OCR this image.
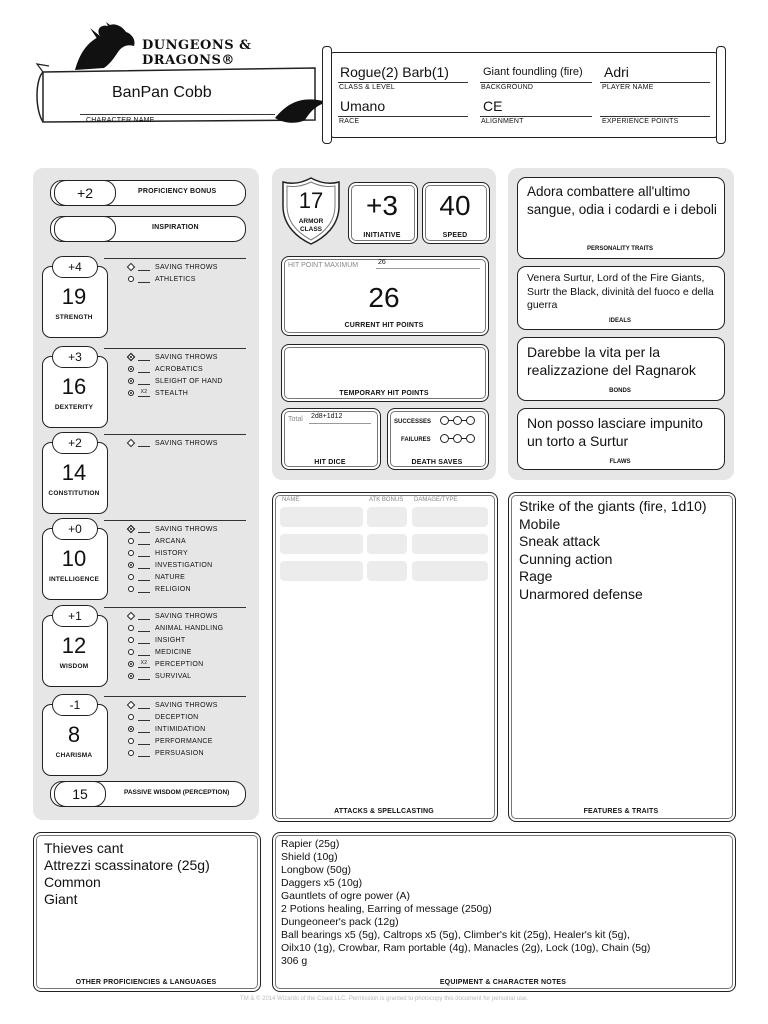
DUNGEONS & DRAGONS®
BanPan Cobb
CHARACTER NAME
Rogue(2) Barb(1)
CLASS & LEVEL
Giant foundling (fire)
BACKGROUND
Adri
PLAYER NAME
Umano
RACE
CE
ALIGNMENT	EXPERIENCE POINTS
+2	PROFICIENCY BONUS
INSPIRATION
+4
19
STRENGTH
SAVING THROWS
ATHLETICS
+3
16
DEXTERITY
SAVING THROWS
ACROBATICS
SLEIGHT OF HAND
X2	STEALTH
+2
14
CONSTITUTION
SAVING THROWS
+0
10
INTELLIGENCE
SAVING THROWS
ARCANA
HISTORY
INVESTIGATION
NATURE
RELIGION
+1
12
WISDOM
SAVING THROWS
ANIMAL HANDLING
INSIGHT
MEDICINE
X2	PERCEPTION
SURVIVAL
-1
8
CHARISMA
SAVING THROWS
DECEPTION
INTIMIDATION
PERFORMANCE
PERSUASION
15	PASSIVE WISDOM (PERCEPTION)
17
ARMOR CLASS
+3
INITIATIVE
40
SPEED
HIT POINT MAXIMUM	26
26
CURRENT HIT POINTS
TEMPORARY HIT POINTS
Total 2d8+1d12
HIT DICE
SUCCESSES
FAILURES
DEATH SAVES
NAME	ATK BONUS DAMAGE/TYPE
ATTACKS & SPELLCASTING
Adora combattere all'ultimo sangue, odia i codardi e i deboli
PERSONALITY TRAITS
Venera Surtur, Lord of the Fire Giants, Surtr the Black, divinità del fuoco e della guerra
IDEALS
Darebbe la vita per la realizzazione del Ragnarok
BONDS
Non posso lasciare impunito un torto a Surtur
FLAWS
Strike of the giants (fire, 1d10)
Mobile
Sneak attack
Cunning action
Rage
Unarmored defense
FEATURES & TRAITS
Thieves cant
Attrezzi scassinatore (25g)
Common
Giant
OTHER PROFICIENCIES & LANGUAGES
Rapier (25g)
Shield (10g)
Longbow (50g)
Daggers x5 (10g)
Gauntlets of ogre power (A)
2 Potions healing, Earring of message (250g)
Dungeoneer's pack (12g)
Ball bearings x5 (5g), Caltrops x5 (5g), Climber's kit (25g), Healer's kit (5g),
Oilx10 (1g), Crowbar, Ram portable (4g), Manacles (2g), Lock (10g), Chain (5g)
306 g
EQUIPMENT & CHARACTER NOTES
TM & © 2014 Wizards of the Coast LLC. Permission is granted to photocopy this document for personal use.
